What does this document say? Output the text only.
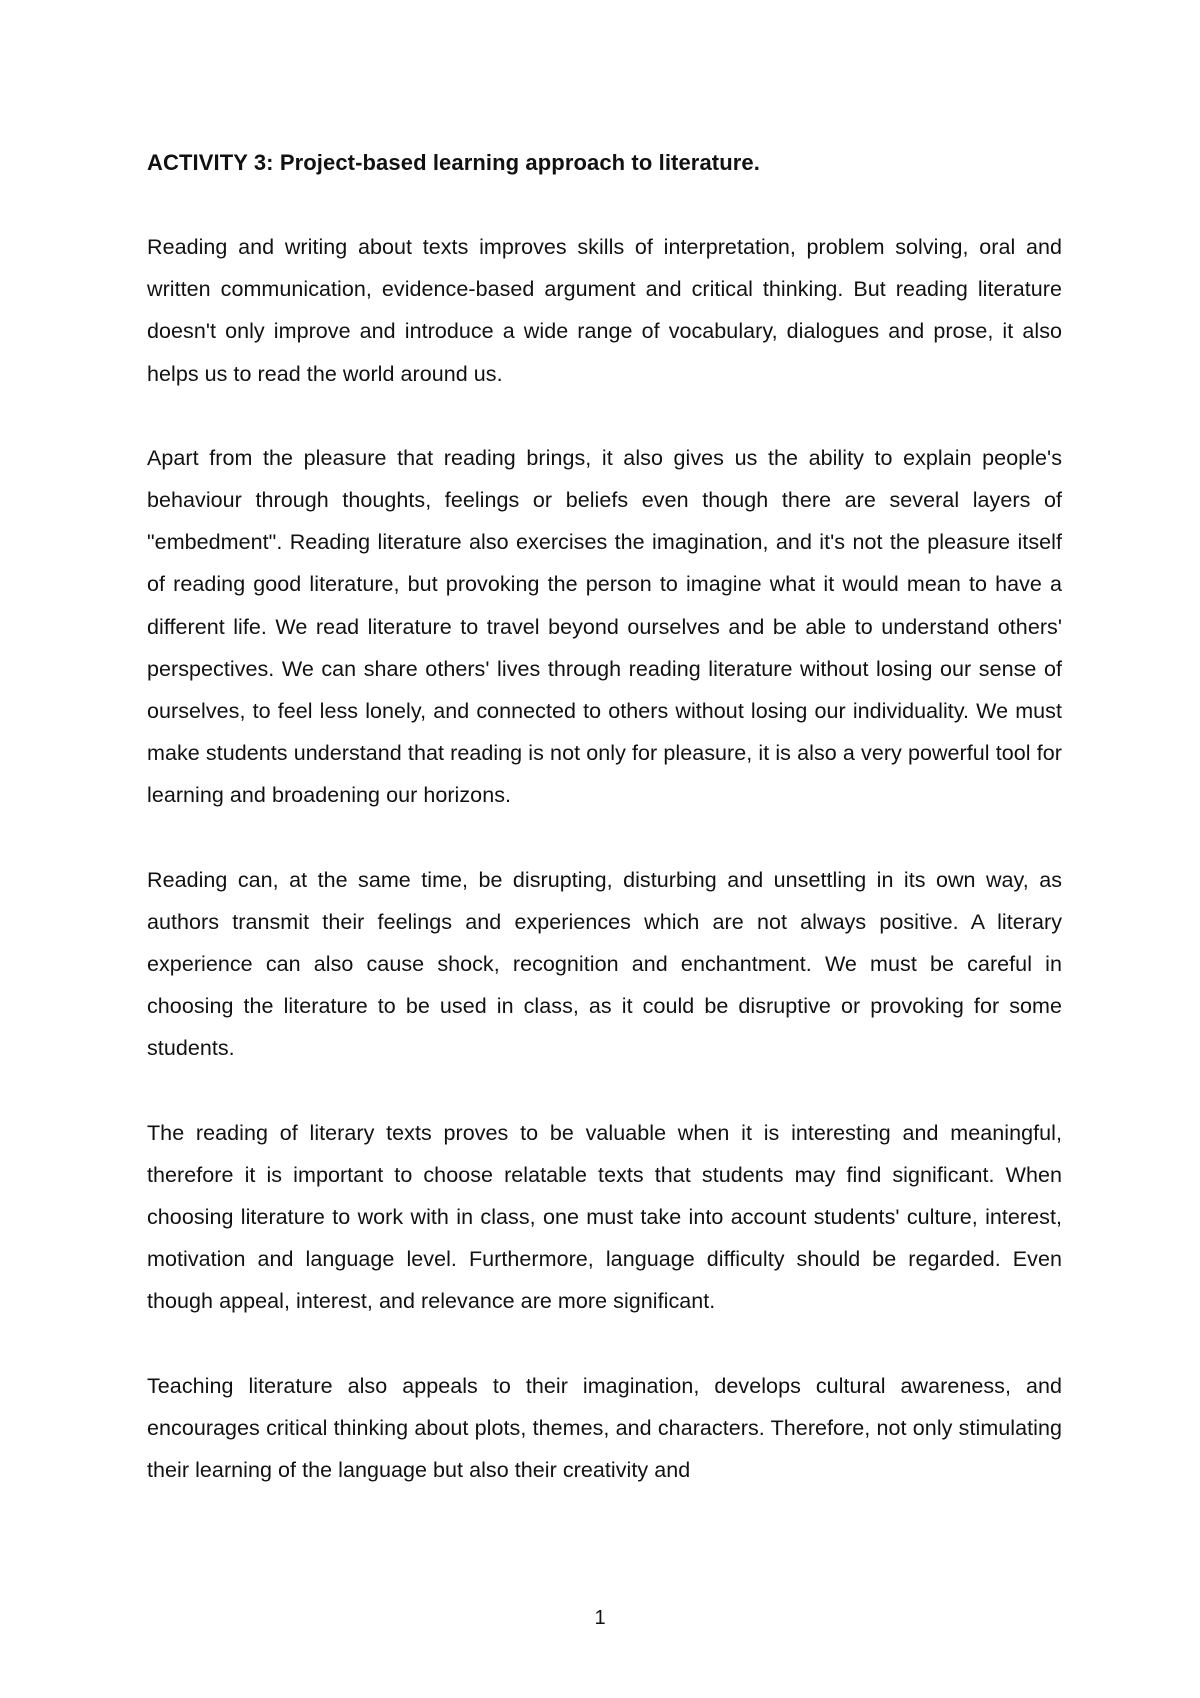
ACTIVITY 3: Project-based learning approach to literature.

Reading and writing about texts improves skills of interpretation, problem solving, oral and written communication, evidence-based argument and critical thinking. But reading literature doesn't only improve and introduce a wide range of vocabulary, dialogues and prose, it also helps us to read the world around us.

Apart from the pleasure that reading brings, it also gives us the ability to explain people's behaviour through thoughts, feelings or beliefs even though there are several layers of "embedment". Reading literature also exercises the imagination, and it's not the pleasure itself of reading good literature, but provoking the person to imagine what it would mean to have a different life. We read literature to travel beyond ourselves and be able to understand others' perspectives. We can share others' lives through reading literature without losing our sense of ourselves, to feel less lonely, and connected to others without losing our individuality. We must make students understand that reading is not only for pleasure, it is also a very powerful tool for learning and broadening our horizons.

Reading can, at the same time, be disrupting, disturbing and unsettling in its own way, as authors transmit their feelings and experiences which are not always positive. A literary experience can also cause shock, recognition and enchantment. We must be careful in choosing the literature to be used in class, as it could be disruptive or provoking for some students.

The reading of literary texts proves to be valuable when it is interesting and meaningful, therefore it is important to choose relatable texts that students may find significant. When choosing literature to work with in class, one must take into account students' culture, interest, motivation and language level. Furthermore, language difficulty should be regarded. Even though appeal, interest, and relevance are more significant.

Teaching literature also appeals to their imagination, develops cultural awareness, and encourages critical thinking about plots, themes, and characters. Therefore, not only stimulating their learning of the language but also their creativity and

1
